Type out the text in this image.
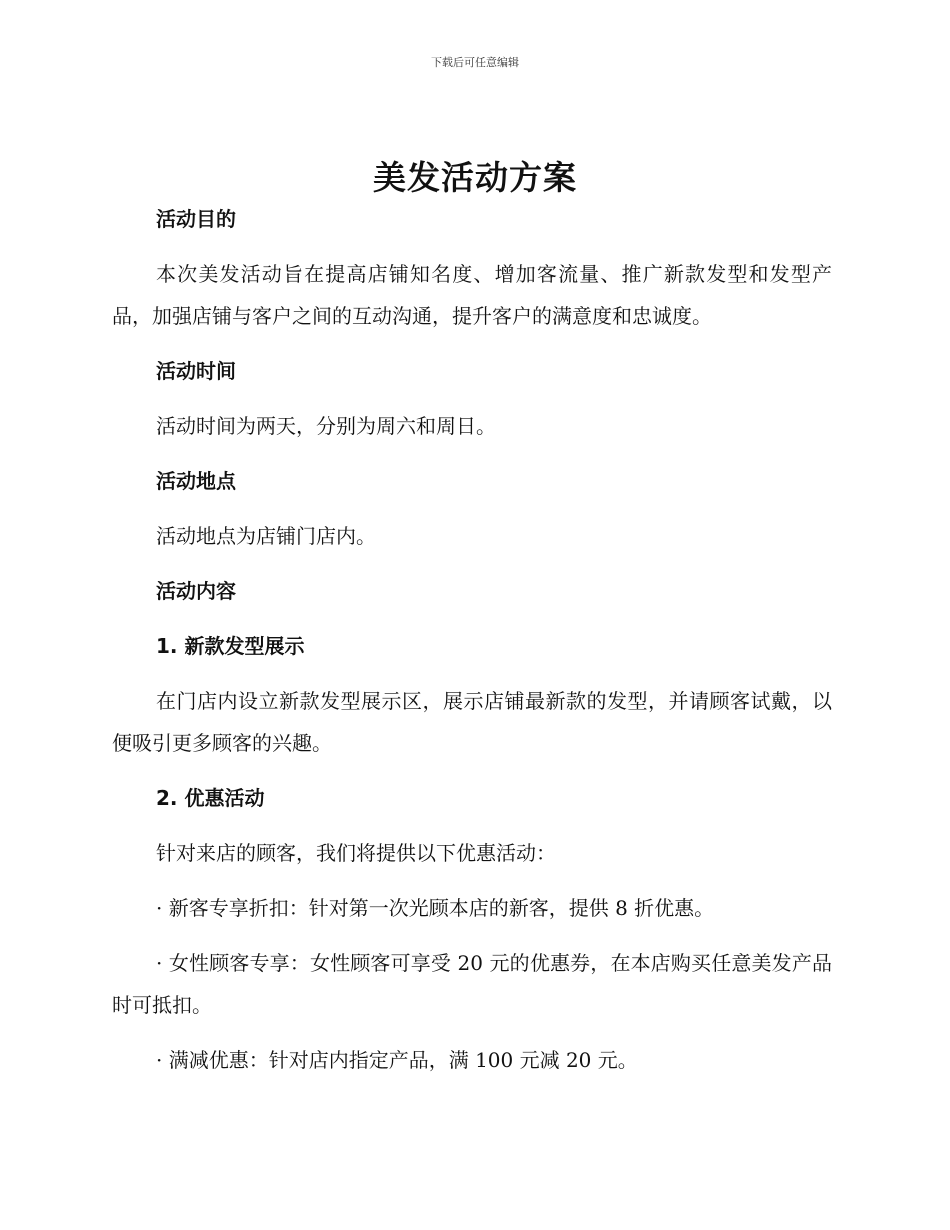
下载后可任意编辑
美发活动方案

活动目的

本次美发活动旨在提高店铺知名度、增加客流量、推广新款发型和发型产品，加强店铺与客户之间的互动沟通，提升客户的满意度和忠诚度。

活动时间

活动时间为两天，分别为周六和周日。

活动地点

活动地点为店铺门店内。

活动内容

1. 新款发型展示

在门店内设立新款发型展示区，展示店铺最新款的发型，并请顾客试戴，以便吸引更多顾客的兴趣。

2. 优惠活动

针对来店的顾客，我们将提供以下优惠活动：

· 新客专享折扣：针对第一次光顾本店的新客，提供 8 折优惠。

· 女性顾客专享：女性顾客可享受 20 元的优惠券，在本店购买任意美发产品时可抵扣。

· 满减优惠：针对店内指定产品，满 100 元减 20 元。
